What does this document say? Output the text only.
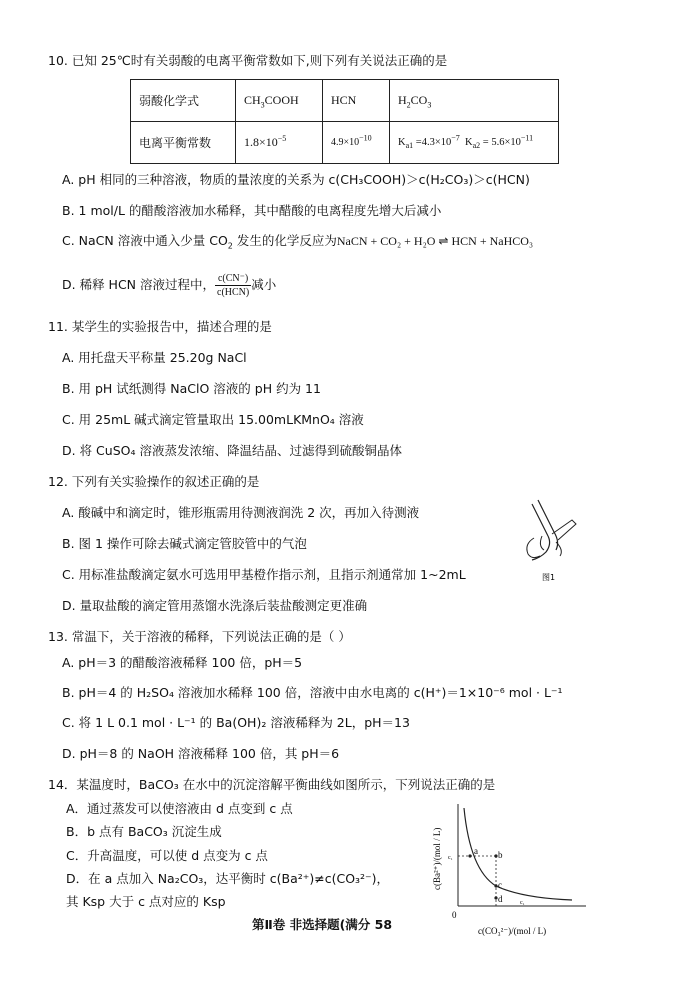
10. 已知 25℃时有关弱酸的电离平衡常数如下,则下列有关说法正确的是
弱酸化学式	$CH_3COOH$	HCN	$H_2CO_3$
电离平衡常数	$1.8\times 10^{-5}$	$4.9\times 10^{-10}$	$K_{a1} =4.3\times 10^{-7}$ $K_{a2} = 5.6\times 10^{-11}$
A. pH 相同的三种溶液，物质的量浓度的关系为 c(CH₃COOH)＞c(H₂CO₃)＞c(HCN)
B. 1 mol/L 的醋酸溶液加水稀释，其中醋酸的电离程度先增大后减小
C. NaCN 溶液中通入少量 $CO_2$ 发生的化学反应为NaCN + CO₂ + H₂O ⇌ HCN + NaHCO₃
D. 稀释 HCN 溶液过程中， $\frac{c(CN^-)}{\text{c(HCN)}}$ 减小
11. 某学生的实验报告中，描述合理的是
A. 用托盘天平称量 25.20g NaCl
B. 用 pH 试纸测得 NaClO 溶液的 pH 约为 11
C. 用 25mL 碱式滴定管量取出 15.00mLKMnO₄ 溶液
D. 将 CuSO₄ 溶液蒸发浓缩、降温结晶、过滤得到硫酸铜晶体
12. 下列有关实验操作的叙述正确的是
A. 酸碱中和滴定时，锥形瓶需用待测液润洗 2 次，再加入待测液
B. 图 1 操作可除去碱式滴定管胶管中的气泡
C. 用标准盐酸滴定氨水可选用甲基橙作指示剂，且指示剂通常加 1~2mL
D. 量取盐酸的滴定管用蒸馏水洗涤后装盐酸测定更准确
图1
13. 常温下，关于溶液的稀释，下列说法正确的是（ ）
A. pH＝3 的醋酸溶液稀释 100 倍，pH＝5
B. pH＝4 的 H₂SO₄ 溶液加水稀释 100 倍，溶液中由水电离的 c(H⁺)＝1×10⁻⁶ mol · L⁻¹
C. 将 1 L 0.1 mol · L⁻¹ 的 Ba(OH)₂ 溶液稀释为 2L，pH＝13
D. pH＝8 的 NaOH 溶液稀释 100 倍，其 pH＝6
14．某温度时，BaCO₃ 在水中的沉淀溶解平衡曲线如图所示，下列说法正确的是
A．通过蒸发可以使溶液由 d 点变到 c 点
B．b 点有 BaCO₃ 沉淀生成
C．升高温度，可以使 d 点变为 c 点
D．在 a 点加入 Na₂CO₃，达平衡时 c(Ba²⁺)≠c(CO₃²⁻)，
其 Ksp 大于 c 点对应的 Ksp
a b
c
d
c₁
c₁
0
c(Ba²⁺)/(mol / L)
c(CO₃²⁻)/(mol / L)
第Ⅱ卷 非选择题(满分 58
